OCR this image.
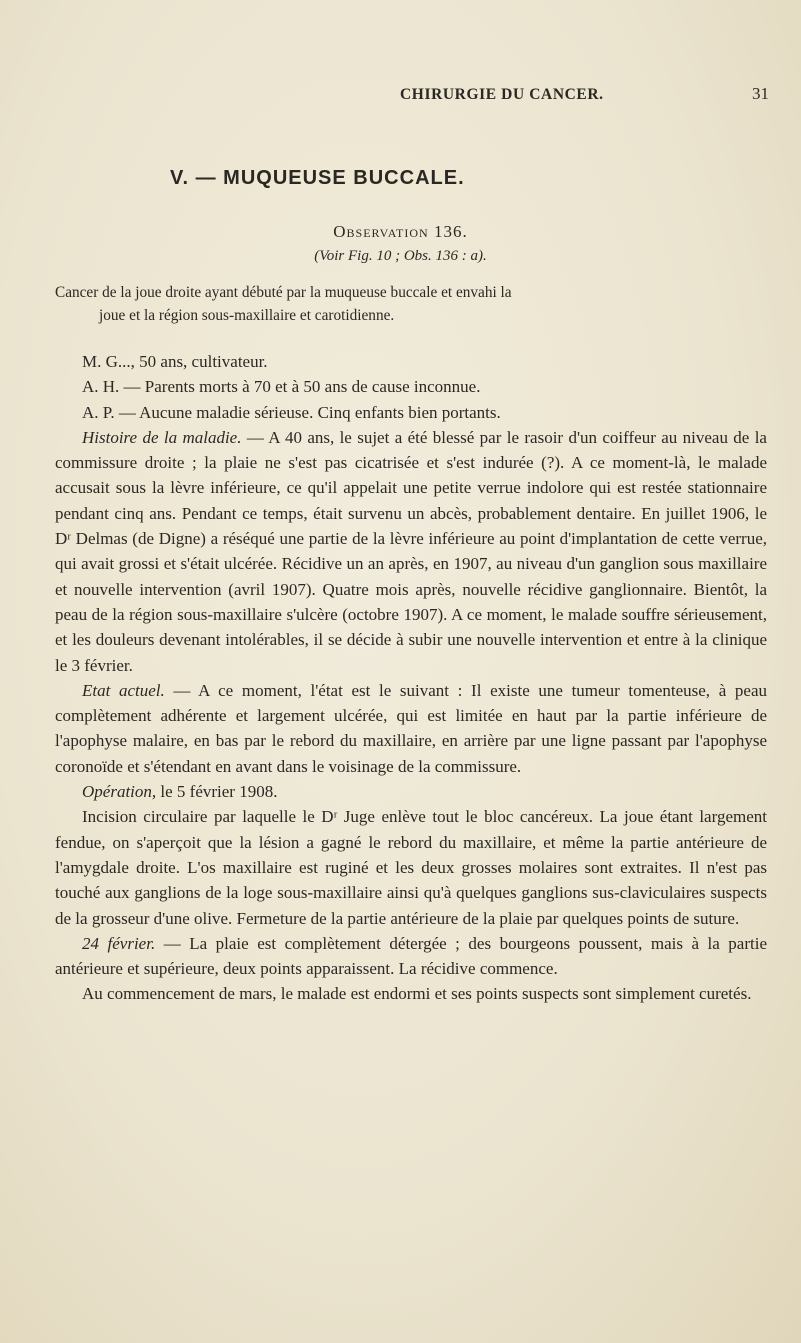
CHIRURGIE DU CANCER.	31
V. — MUQUEUSE BUCCALE.
Observation 136.
(Voir Fig. 10 ; Obs. 136 : a).
Cancer de la joue droite ayant débuté par la muqueuse buccale et envahi la
joue et la région sous-maxillaire et carotidienne.

M. G..., 50 ans, cultivateur.

A. H. — Parents morts à 70 et à 50 ans de cause inconnue.

A. P. — Aucune maladie sérieuse. Cinq enfants bien portants.

Histoire de la maladie. — A 40 ans, le sujet a été blessé par le rasoir d'un coiffeur au niveau de la commissure droite ; la plaie ne s'est pas cicatrisée et s'est indurée (?). A ce moment-là, le malade accusait sous la lèvre inférieure, ce qu'il appelait une petite verrue indolore qui est restée stationnaire pendant cinq ans. Pendant ce temps, était survenu un abcès, probablement dentaire. En juillet 1906, le Dʳ Delmas (de Digne) a réséqué une partie de la lèvre inférieure au point d'implantation de cette verrue, qui avait grossi et s'était ulcérée. Récidive un an après, en 1907, au niveau d'un ganglion sous maxillaire et nouvelle intervention (avril 1907). Quatre mois après, nouvelle récidive ganglionnaire. Bientôt, la peau de la région sous-maxillaire s'ulcère (octobre 1907). A ce moment, le malade souffre sérieusement, et les douleurs devenant intolérables, il se décide à subir une nouvelle intervention et entre à la clinique le 3 février.

Etat actuel. — A ce moment, l'état est le suivant : Il existe une tumeur tomenteuse, à peau complètement adhérente et largement ulcérée, qui est limitée en haut par la partie inférieure de l'apophyse malaire, en bas par le rebord du maxillaire, en arrière par une ligne passant par l'apophyse coronoïde et s'étendant en avant dans le voisinage de la commissure.

Opération, le 5 février 1908.

Incision circulaire par laquelle le Dʳ Juge enlève tout le bloc cancéreux. La joue étant largement fendue, on s'aperçoit que la lésion a gagné le rebord du maxillaire, et même la partie antérieure de l'amygdale droite. L'os maxillaire est ruginé et les deux grosses molaires sont extraites. Il n'est pas touché aux ganglions de la loge sous-maxillaire ainsi qu'à quelques ganglions sus-claviculaires suspects de la grosseur d'une olive. Fermeture de la partie antérieure de la plaie par quelques points de suture.

24 février. — La plaie est complètement détergée ; des bourgeons poussent, mais à la partie antérieure et supérieure, deux points apparaissent. La récidive commence.

Au commencement de mars, le malade est endormi et ses points suspects sont simplement curetés.
